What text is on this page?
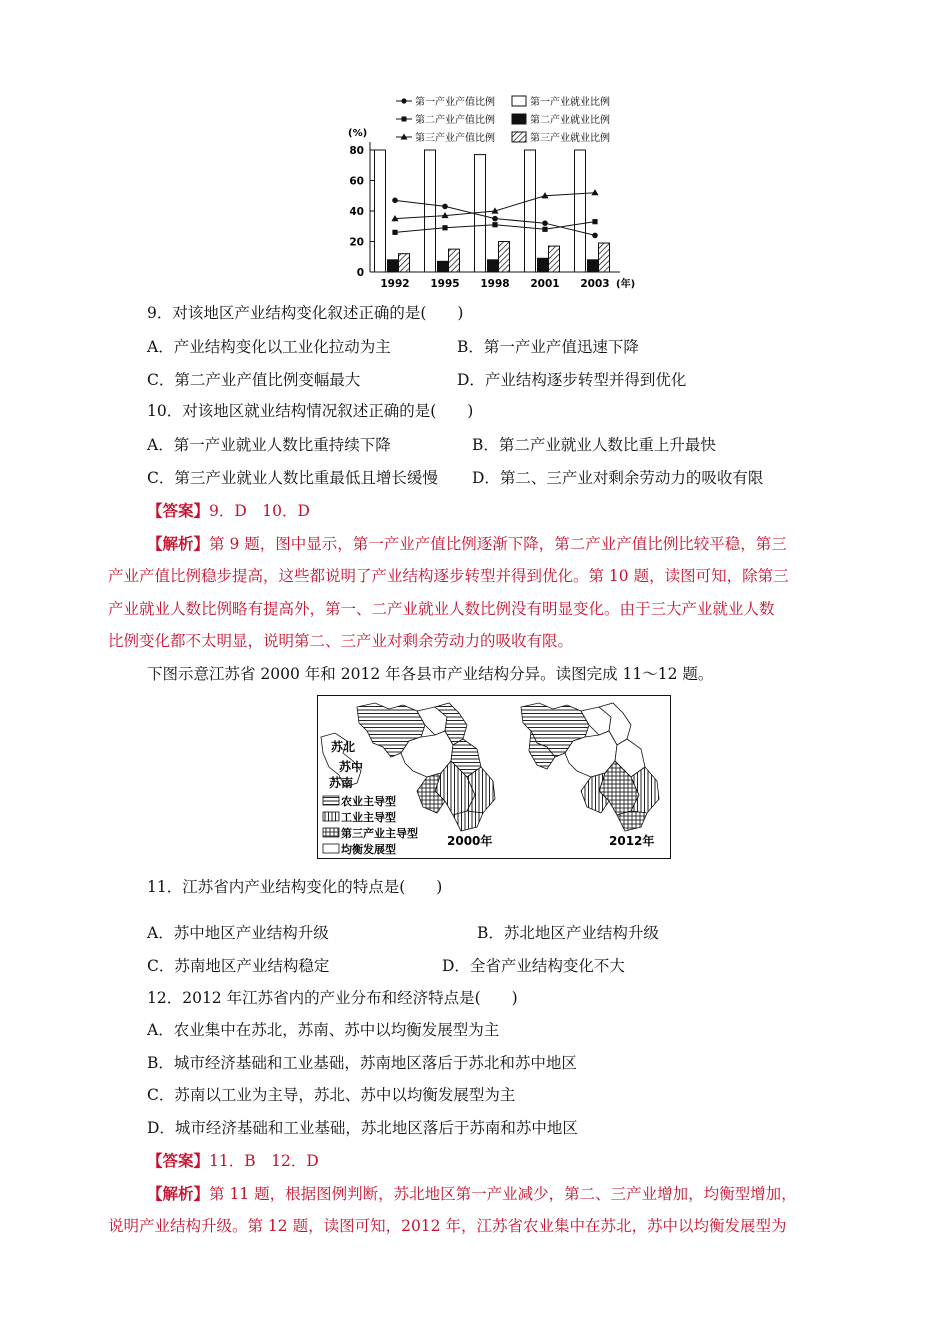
第一产业产值比例	第一产业就业比例
第二产业产值比例	第二产业就业比例
第三产业产值比例	第三产业就业比例
(%)
(年)
0
20
40
60
80
1992 1995 1998 2001 2003
9．对该地区产业结构变化叙述正确的是(　　)
A．产业结构变化以工业化拉动为主	B．第一产业产值迅速下降
C．第二产业产值比例变幅最大	D．产业结构逐步转型并得到优化
10．对该地区就业结构情况叙述正确的是(　　)
A．第一产业就业人数比重持续下降	B．第二产业就业人数比重上升最快
C．第三产业就业人数比重最低且增长缓慢 D．第二、三产业对剩余劳动力的吸收有限
【答案】9．D　10．D
【解析】第 9 题，图中显示，第一产业产值比例逐渐下降，第二产业产值比例比较平稳，第三
产业产值比例稳步提高，这些都说明了产业结构逐步转型并得到优化。第 10 题，读图可知，除第三
产业就业人数比例略有提高外，第一、二产业就业人数比例没有明显变化。由于三大产业就业人数
比例变化都不太明显，说明第二、三产业对剩余劳动力的吸收有限。
下图示意江苏省 2000 年和 2012 年各县市产业结构分异。读图完成 11～12 题。
苏北
苏中
苏南
农业主导型
工业主导型
第三产业主导型
均衡发展型
2000年	2012年
11．江苏省内产业结构变化的特点是(　　)
A．苏中地区产业结构升级	B．苏北地区产业结构升级
C．苏南地区产业结构稳定	D．全省产业结构变化不大
12．2012 年江苏省内的产业分布和经济特点是(　　)
A．农业集中在苏北，苏南、苏中以均衡发展型为主
B．城市经济基础和工业基础，苏南地区落后于苏北和苏中地区
C．苏南以工业为主导，苏北、苏中以均衡发展型为主
D．城市经济基础和工业基础，苏北地区落后于苏南和苏中地区
【答案】11．B　12．D
【解析】第 11 题，根据图例判断，苏北地区第一产业减少，第二、三产业增加，均衡型增加，
说明产业结构升级。第 12 题，读图可知，2012 年，江苏省农业集中在苏北，苏中以均衡发展型为
